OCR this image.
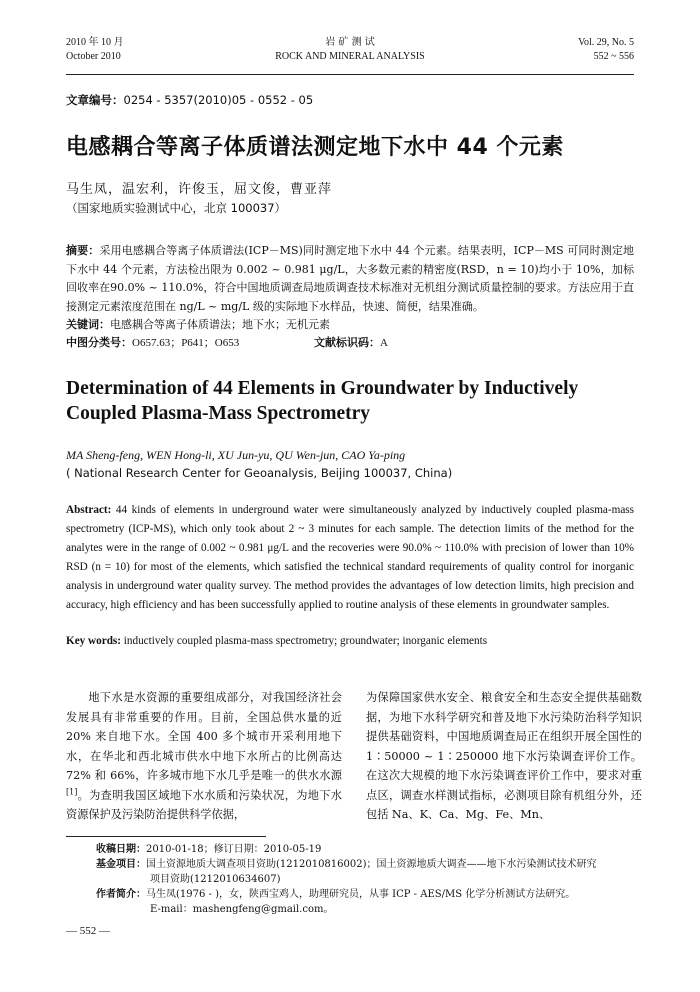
2010 年 10 月
October 2010
岩 矿 测 试
ROCK AND MINERAL ANALYSIS
Vol. 29, No. 5
552 ~ 556
文章编号：0254 - 5357(2010)05 - 0552 - 05
电感耦合等离子体质谱法测定地下水中 44 个元素
马生凤，温宏利，许俊玉，屈文俊，曹亚萍
（国家地质实验测试中心，北京 100037）
摘要：采用电感耦合等离子体质谱法(ICP－MS)同时测定地下水中 44 个元素。结果表明，ICP－MS 可同时测定地下水中 44 个元素，方法检出限为 0.002 ~ 0.981 μg/L，大多数元素的精密度(RSD，n = 10)均小于 10%，加标回收率在90.0% ~ 110.0%，符合中国地质调查局地质调查技术标准对无机组分测试质量控制的要求。方法应用于直接测定元素浓度范围在 ng/L ~ mg/L 级的实际地下水样品，快速、简便，结果准确。
关键词：电感耦合等离子体质谱法；地下水；无机元素
中图分类号：O657.63；P641；O653	文献标识码：A
Determination of 44 Elements in Groundwater by Inductively Coupled Plasma-Mass Spectrometry
MA Sheng-feng, WEN Hong-li, XU Jun-yu, QU Wen-jun, CAO Ya-ping
( National Research Center for Geoanalysis, Beijing 100037, China)
Abstract: 44 kinds of elements in underground water were simultaneously analyzed by inductively coupled plasma-mass spectrometry (ICP-MS), which only took about 2 ~ 3 minutes for each sample. The detection limits of the method for the analytes were in the range of 0.002 ~ 0.981 μg/L and the recoveries were 90.0% ~ 110.0% with precision of lower than 10% RSD (n = 10) for most of the elements, which satisfied the technical standard requirements of quality control for inorganic analysis in underground water quality survey. The method provides the advantages of low detection limits, high precision and accuracy, high efficiency and has been successfully applied to routine analysis of these elements in groundwater samples.
Key words: inductively coupled plasma-mass spectrometry; groundwater; inorganic elements

地下水是水资源的重要组成部分，对我国经济社会发展具有非常重要的作用。目前，全国总供水量的近 20% 来自地下水。全国 400 多个城市开采利用地下水，在华北和西北城市供水中地下水所占的比例高达 72% 和 66%，许多城市地下水几乎是唯一的供水水源[1]。为查明我国区域地下水水质和污染状况，为地下水资源保护及污染防治提供科学依据，

为保障国家供水安全、粮食安全和生态安全提供基础数据，为地下水科学研究和普及地下水污染防治科学知识提供基础资料，中国地质调查局正在组织开展全国性的 1∶50000 ~ 1∶250000 地下水污染调查评价工作。在这次大规模的地下水污染调查评价工作中，要求对重点区，调查水样测试指标，必测项目除有机组分外，还包括 Na、K、Ca、Mg、Fe、Mn、

收稿日期： 2010-01-18；修订日期：2010-05-19
基金项目： 国土资源地质大调查项目资助(1212010816002)；国土资源地质大调查——地下水污染测试技术研究
项目资助(1212010634607)
作者简介： 马生凤(1976 - )，女，陕西宝鸡人，助理研究员，从事 ICP - AES/MS 化学分析测试方法研究。
E-mail：mashengfeng@gmail.com。
— 552 —
